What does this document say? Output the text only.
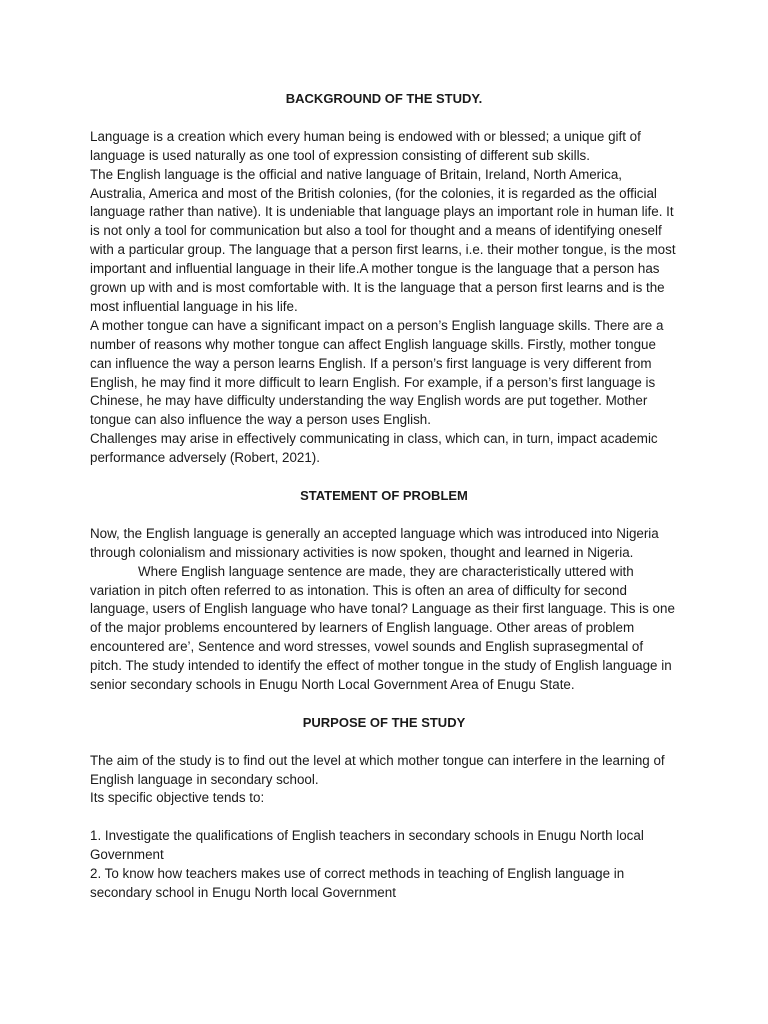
BACKGROUND OF THE STUDY.

Language is a creation which every human being is endowed with or blessed; a unique gift of language is used naturally as one tool of expression consisting of different sub skills.

The English language is the official and native language of Britain, Ireland, North America, Australia, America and most of the British colonies, (for the colonies, it is regarded as the official language rather than native). It is undeniable that language plays an important role in human life. It is not only a tool for communication but also a tool for thought and a means of identifying oneself with a particular group. The language that a person first learns, i.e. their mother tongue, is the most important and influential language in their life.A mother tongue is the language that a person has grown up with and is most comfortable with. It is the language that a person first learns and is the most influential language in his life.

A mother tongue can have a significant impact on a person’s English language skills. There are a number of reasons why mother tongue can affect English language skills. Firstly, mother tongue can influence the way a person learns English. If a person’s first language is very different from English, he may find it more difficult to learn English. For example, if a person’s first language is Chinese, he may have difficulty understanding the way English words are put together. Mother tongue can also influence the way a person uses English.

Challenges may arise in effectively communicating in class, which can, in turn, impact academic performance adversely (Robert, 2021).

STATEMENT OF PROBLEM

Now, the English language is generally an accepted language which was introduced into Nigeria through colonialism and missionary activities is now spoken, thought and learned in Nigeria.

Where English language sentence are made, they are characteristically uttered with variation in pitch often referred to as intonation. This is often an area of difficulty for second language, users of English language who have tonal? Language as their first language. This is one of the major problems encountered by learners of English language. Other areas of problem encountered are’, Sentence and word stresses, vowel sounds and English suprasegmental of pitch. The study intended to identify the effect of mother tongue in the study of English language in senior secondary schools in Enugu North Local Government Area of Enugu State.

PURPOSE OF THE STUDY

The aim of the study is to find out the level at which mother tongue can interfere in the learning of English language in secondary school.

Its specific objective tends to:

1. Investigate the qualifications of English teachers in secondary schools in Enugu North local Government

2. To know how teachers makes use of correct methods in teaching of English language in secondary school in Enugu North local Government
